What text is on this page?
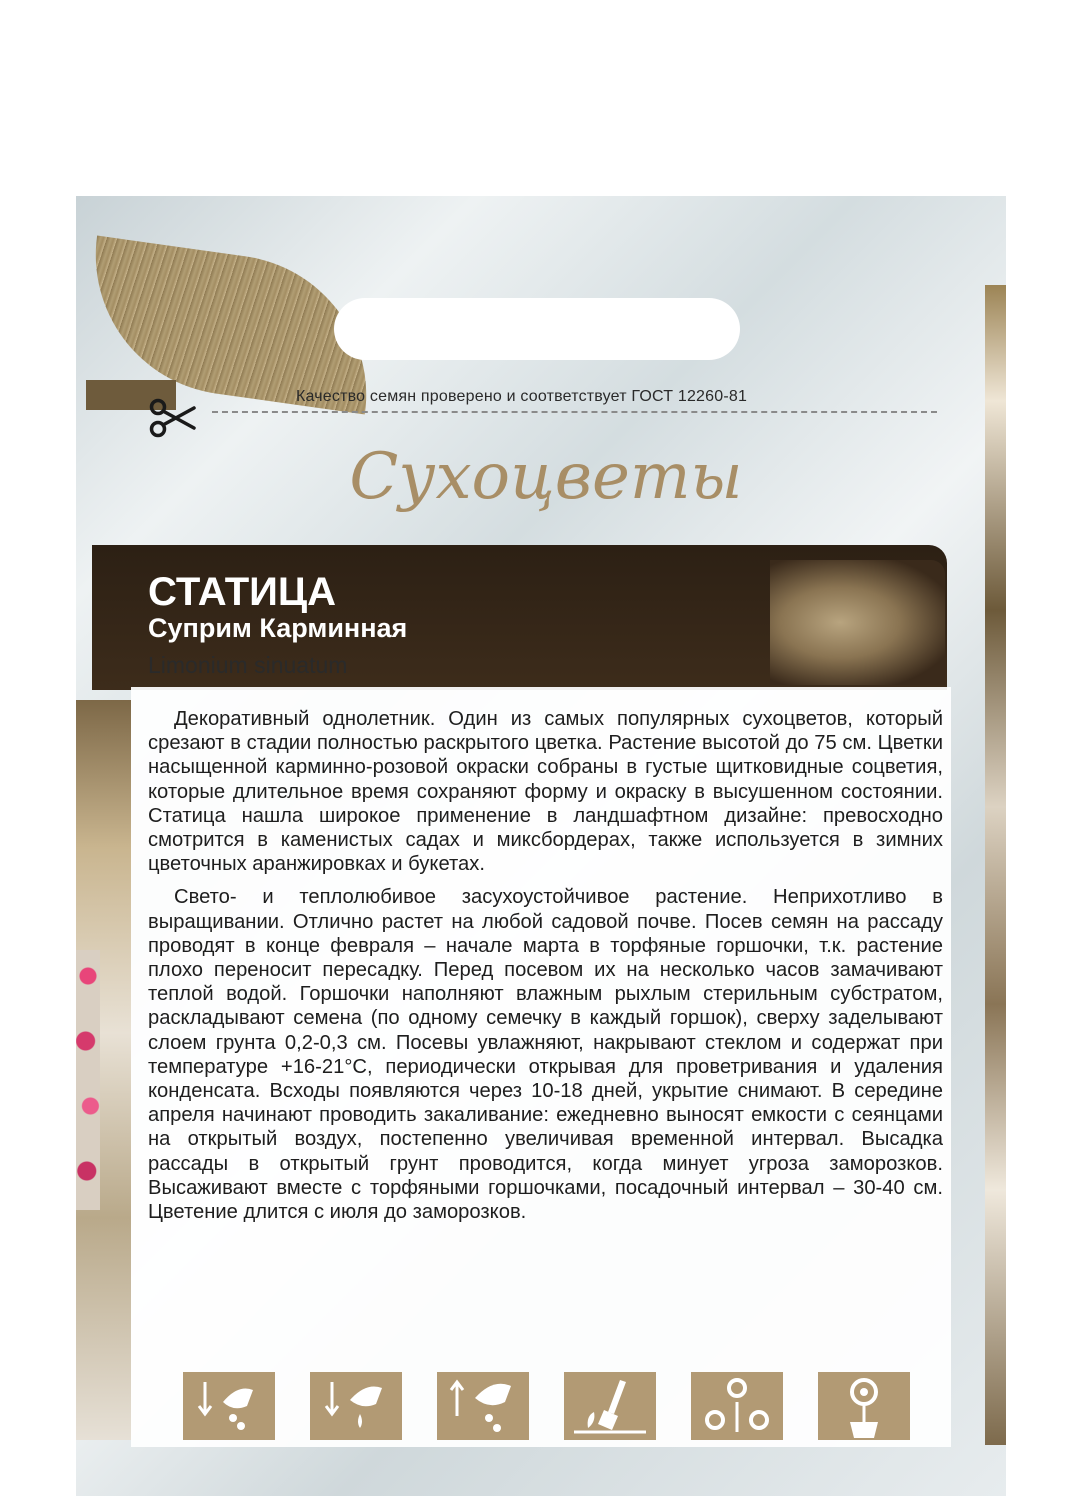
Качество семян проверено и соответствует ГОСТ 12260-81
Сухоцветы
СТАТИЦА
Суприм Карминная
Limonium sinuatum

Декоративный однолетник. Один из самых популярных сухоцветов, который срезают в стадии полностью раскрытого цветка. Растение высотой до 75 см. Цветки насыщенной карминно-розовой окраски собраны в густые щитковидные соцветия, которые длительное время сохраняют форму и окраску в высушенном состоянии. Статица нашла широкое применение в ландшафтном дизайне: превосходно смотрится в каменистых садах и миксбордерах, также используется в зимних цветочных аранжировках и букетах.

Свето- и теплолюбивое засухоустойчивое растение. Неприхотливо в выращивании. Отлично растет на любой садовой почве. Посев семян на рассаду проводят в конце февраля – начале марта в торфяные горшочки, т.к. растение плохо переносит пересадку. Перед посевом их на несколько часов замачивают теплой водой. Горшочки наполняют влажным рыхлым стерильным субстратом, раскладывают семена (по одному семечку в каждый горшок), сверху заделывают слоем грунта 0,2-0,3 см. Посевы увлажняют, накрывают стеклом и содержат при температуре +16-21°C, периодически открывая для проветривания и удаления конденсата. Всходы появляются через 10-18 дней, укрытие снимают. В середине апреля начинают проводить закаливание: ежедневно выносят емкости с сеянцами на открытый воздух, постепенно увеличивая временной интервал. Высадка рассады в открытый грунт проводится, когда минует угроза заморозков. Высаживают вместе с торфяными горшочками, посадочный интервал – 30-40 см. Цветение длится с июля до заморозков.
